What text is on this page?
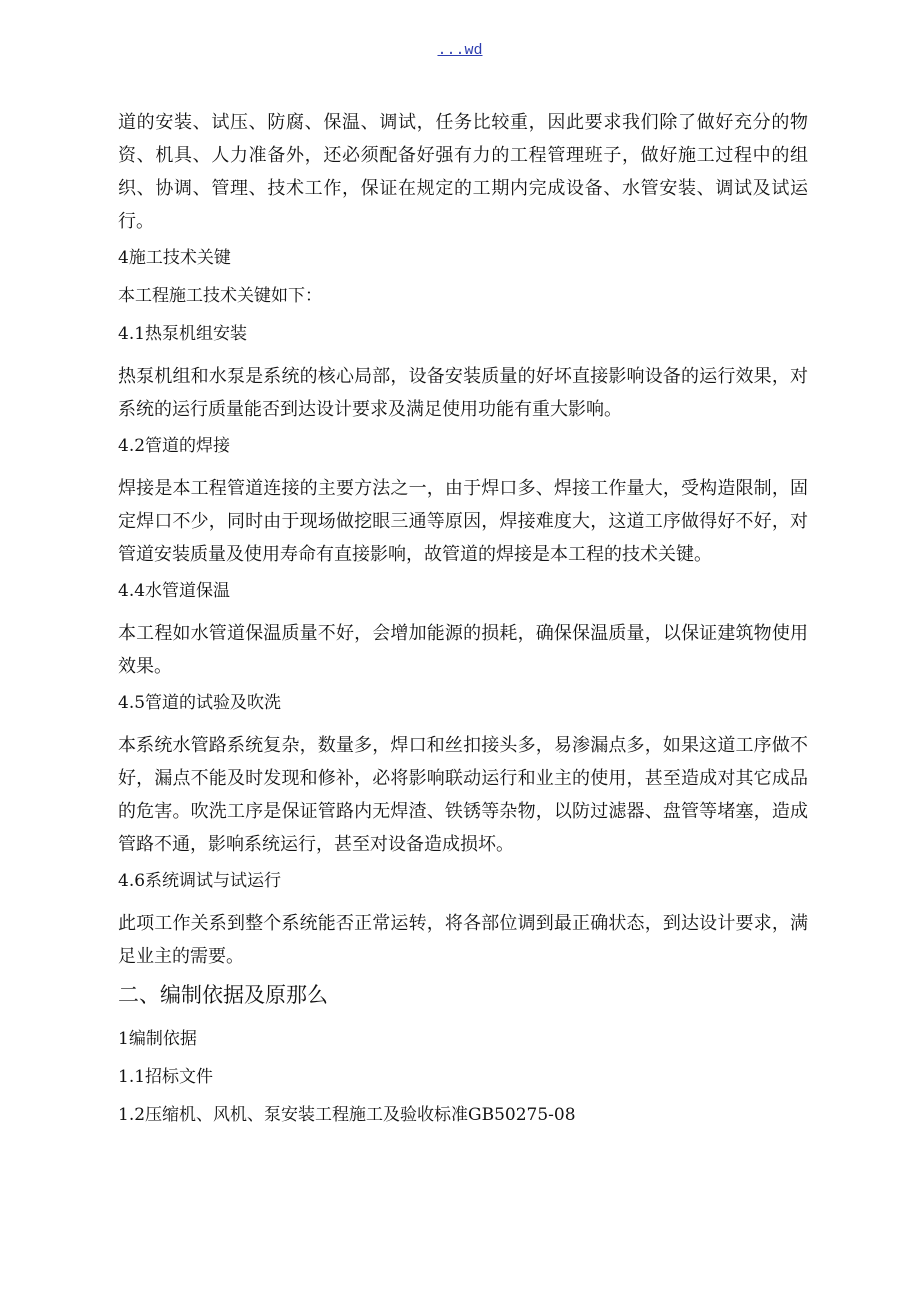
...wd
道的安装、试压、防腐、保温、调试，任务比较重，因此要求我们除了做好充分的物资、机具、人力准备外，还必须配备好强有力的工程管理班子，做好施工过程中的组织、协调、管理、技术工作，保证在规定的工期内完成设备、水管安装、调试及试运行。
4施工技术关键
本工程施工技术关键如下：
4.1热泵机组安装
热泵机组和水泵是系统的核心局部，设备安装质量的好坏直接影响设备的运行效果，对系统的运行质量能否到达设计要求及满足使用功能有重大影响。
4.2管道的焊接
焊接是本工程管道连接的主要方法之一，由于焊口多、焊接工作量大，受构造限制，固定焊口不少，同时由于现场做挖眼三通等原因，焊接难度大，这道工序做得好不好，对管道安装质量及使用寿命有直接影响，故管道的焊接是本工程的技术关键。
4.4水管道保温
本工程如水管道保温质量不好，会增加能源的损耗，确保保温质量，以保证建筑物使用效果。
4.5管道的试验及吹洗
本系统水管路系统复杂，数量多，焊口和丝扣接头多，易渗漏点多，如果这道工序做不好，漏点不能及时发现和修补，必将影响联动运行和业主的使用，甚至造成对其它成品的危害。吹洗工序是保证管路内无焊渣、铁锈等杂物，以防过滤器、盘管等堵塞，造成管路不通，影响系统运行，甚至对设备造成损坏。
4.6系统调试与试运行
此项工作关系到整个系统能否正常运转，将各部位调到最正确状态，到达设计要求，满足业主的需要。
二、编制依据及原那么
1编制依据
1.1招标文件
1.2压缩机、风机、泵安装工程施工及验收标准GB50275-08
